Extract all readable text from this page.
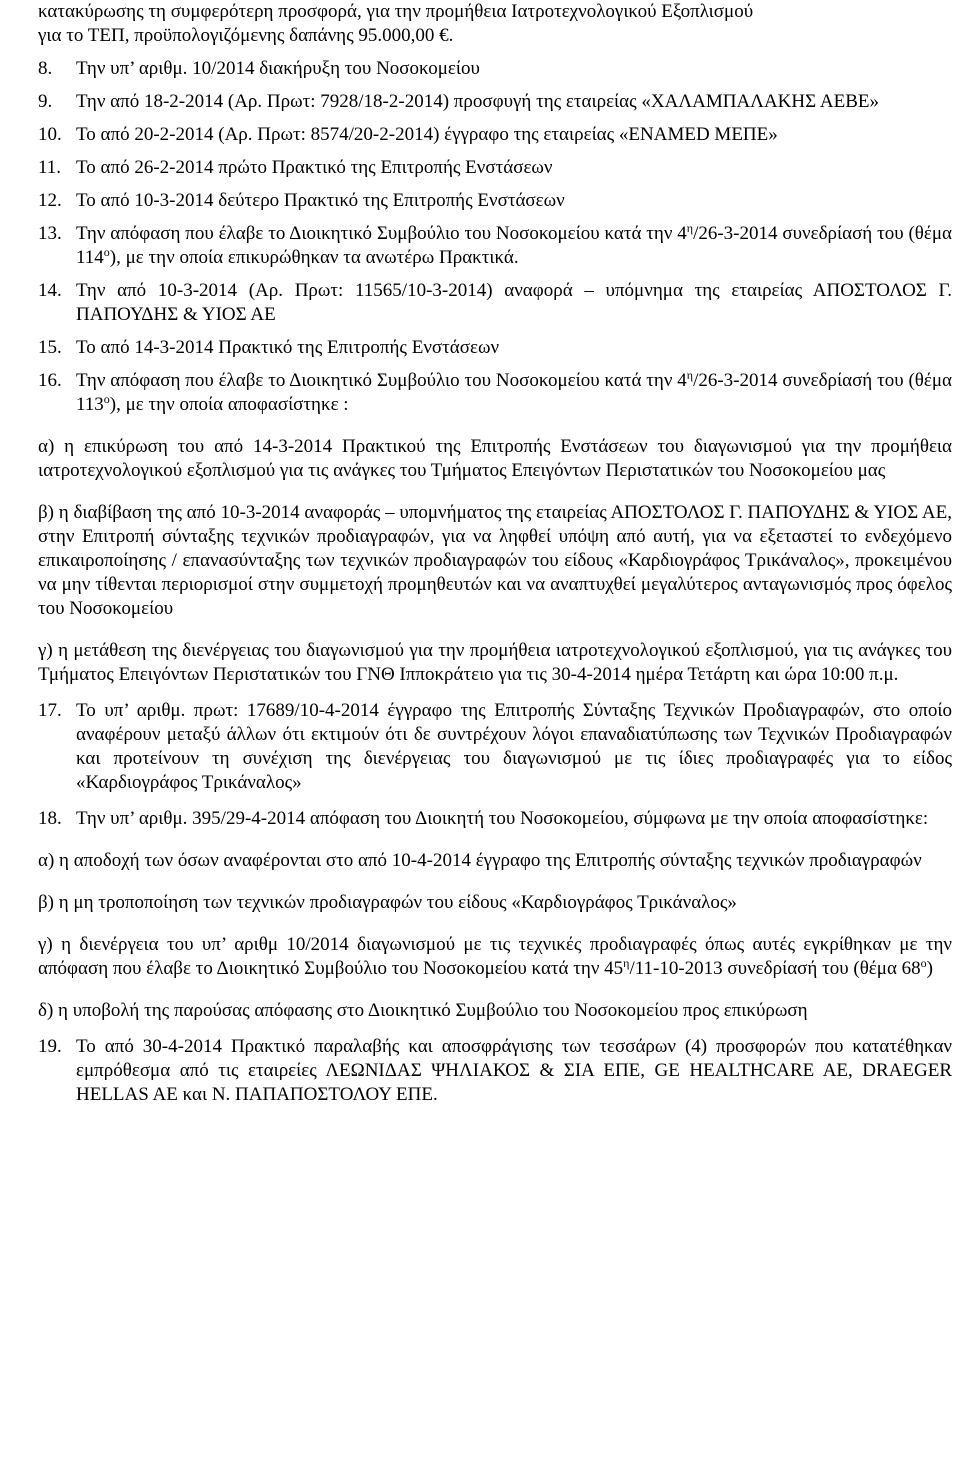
κατακύρωσης τη συμφερότερη προσφορά, για την προμήθεια Ιατροτεχνολογικού Εξοπλισμού
για το ΤΕΠ, προϋπολογιζόμενης δαπάνης 95.000,00 €.

8. Την υπ’ αριθμ. 10/2014 διακήρυξη του Νοσοκομείου

9. Την από 18-2-2014 (Αρ. Πρωτ: 7928/18-2-2014) προσφυγή της εταιρείας «ΧΑΛΑΜΠΑΛΑΚΗΣ ΑΕΒΕ»

10. Το από 20-2-2014 (Αρ. Πρωτ: 8574/20-2-2014) έγγραφο της εταιρείας «ENAMED ΜΕΠΕ»

11. Το από 26-2-2014 πρώτο Πρακτικό της Επιτροπής Ενστάσεων

12. Το από 10-3-2014 δεύτερο Πρακτικό της Επιτροπής Ενστάσεων

13. Την απόφαση που έλαβε το Διοικητικό Συμβούλιο του Νοσοκομείου κατά την $4^\eta/26-3-2014$ συνεδρίασή του (θέμα $114^o$), με την οποία επικυρώθηκαν τα ανωτέρω Πρακτικά.

14. Την από 10-3-2014 (Αρ. Πρωτ: 11565/10-3-2014) αναφορά – υπόμνημα της εταιρείας ΑΠΟΣΤΟΛΟΣ Γ. ΠΑΠΟΥΔΗΣ & ΥΙΟΣ ΑΕ

15. Το από 14-3-2014 Πρακτικό της Επιτροπής Ενστάσεων

16. Την απόφαση που έλαβε το Διοικητικό Συμβούλιο του Νοσοκομείου κατά την $4^\eta/26-3-2014$ συνεδρίασή του (θέμα $113^o$), με την οποία αποφασίστηκε :

α) η επικύρωση του από 14-3-2014 Πρακτικού της Επιτροπής Ενστάσεων του διαγωνισμού για την προμήθεια ιατροτεχνολογικού εξοπλισμού για τις ανάγκες του Τμήματος Επειγόντων Περιστατικών του Νοσοκομείου μας

β) η διαβίβαση της από 10-3-2014 αναφοράς – υπομνήματος της εταιρείας ΑΠΟΣΤΟΛΟΣ Γ. ΠΑΠΟΥΔΗΣ & ΥΙΟΣ ΑΕ, στην Επιτροπή σύνταξης τεχνικών προδιαγραφών, για να ληφθεί υπόψη από αυτή, για να εξεταστεί το ενδεχόμενο επικαιροποίησης / επανασύνταξης των τεχνικών προδιαγραφών του είδους «Καρδιογράφος Τρικάναλος», προκειμένου να μην τίθενται περιορισμοί στην συμμετοχή προμηθευτών και να αναπτυχθεί μεγαλύτερος ανταγωνισμός προς όφελος του Νοσοκομείου

γ) η μετάθεση της διενέργειας του διαγωνισμού για την προμήθεια ιατροτεχνολογικού εξοπλισμού, για τις ανάγκες του Τμήματος Επειγόντων Περιστατικών του ΓΝΘ Ιπποκράτειο για τις 30-4-2014 ημέρα Τετάρτη και ώρα 10:00 π.μ.

17. Το υπ’ αριθμ. πρωτ: 17689/10-4-2014 έγγραφο της Επιτροπής Σύνταξης Τεχνικών Προδιαγραφών, στο οποίο αναφέρουν μεταξύ άλλων ότι εκτιμούν ότι δε συντρέχουν λόγοι επαναδιατύπωσης των Τεχνικών Προδιαγραφών και προτείνουν τη συνέχιση της διενέργειας του διαγωνισμού με τις ίδιες προδιαγραφές για το είδος «Καρδιογράφος Τρικάναλος»

18. Την υπ’ αριθμ. 395/29-4-2014 απόφαση του Διοικητή του Νοσοκομείου, σύμφωνα με την οποία αποφασίστηκε:

α) η αποδοχή των όσων αναφέρονται στο από 10-4-2014 έγγραφο της Επιτροπής σύνταξης τεχνικών προδιαγραφών

β) η μη τροποποίηση των τεχνικών προδιαγραφών του είδους «Καρδιογράφος Τρικάναλος»

γ) η διενέργεια του υπ’ αριθμ 10/2014 διαγωνισμού με τις τεχνικές προδιαγραφές όπως αυτές εγκρίθηκαν με την απόφαση που έλαβε το Διοικητικό Συμβούλιο του Νοσοκομείου κατά την $45^\eta/11-10-2013$ συνεδρίασή του (θέμα $68^o$)

δ) η υποβολή της παρούσας απόφασης στο Διοικητικό Συμβούλιο του Νοσοκομείου προς επικύρωση

19. Το από 30-4-2014 Πρακτικό παραλαβής και αποσφράγισης των τεσσάρων (4) προσφορών που κατατέθηκαν εμπρόθεσμα από τις εταιρείες ΛΕΩΝΙΔΑΣ ΨΗΛΙΑΚΟΣ & ΣΙΑ ΕΠΕ, GE HEALTHCARE AE, DRAEGER HELLAS AE και Ν. ΠΑΠΑΠΟΣΤΟΛΟΥ ΕΠΕ.
